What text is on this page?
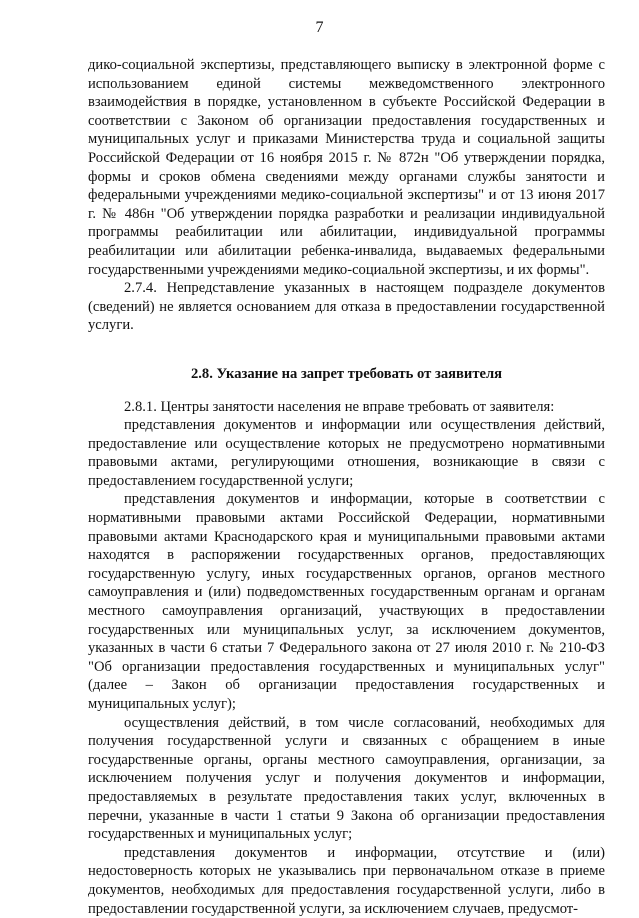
7

дико-социальной экспертизы, представляющего выписку в электронной форме с использованием единой системы межведомственного электронного взаимодействия в порядке, установленном в субъекте Российской Федерации в соответствии с Законом об организации предоставления государственных и муниципальных услуг и приказами Министерства труда и социальной защиты Российской Федерации от 16 ноября 2015 г. № 872н "Об утверждении порядка, формы и сроков обмена сведениями между органами службы занятости и федеральными учреждениями медико-социальной экспертизы" и от 13 июня 2017 г. № 486н "Об утверждении порядка разработки и реализации индивидуальной программы реабилитации или абилитации, индивидуальной программы реабилитации или абилитации ребенка-инвалида, выдаваемых федеральными государственными учреждениями медико-социальной экспертизы, и их формы".

2.7.4. Непредставление указанных в настоящем подразделе документов (сведений) не является основанием для отказа в предоставлении государственной услуги.

2.8. Указание на запрет требовать от заявителя

2.8.1. Центры занятости населения не вправе требовать от заявителя:

представления документов и информации или осуществления действий, предоставление или осуществление которых не предусмотрено нормативными правовыми актами, регулирующими отношения, возникающие в связи с предоставлением государственной услуги;

представления документов и информации, которые в соответствии с нормативными правовыми актами Российской Федерации, нормативными правовыми актами Краснодарского края и муниципальными правовыми актами находятся в распоряжении государственных органов, предоставляющих государственную услугу, иных государственных органов, органов местного самоуправления и (или) подведомственных государственным органам и органам местного самоуправления организаций, участвующих в предоставлении государственных или муниципальных услуг, за исключением документов, указанных в части 6 статьи 7 Федерального закона от 27 июля 2010 г. № 210-ФЗ "Об организации предоставления государственных и муниципальных услуг" (далее – Закон об организации предоставления государственных и муниципальных услуг);

осуществления действий, в том числе согласований, необходимых для получения государственной услуги и связанных с обращением в иные государственные органы, органы местного самоуправления, организации, за исключением получения услуг и получения документов и информации, предоставляемых в результате предоставления таких услуг, включенных в перечни, указанные в части 1 статьи 9 Закона об организации предоставления государственных и муниципальных услуг;

представления документов и информации, отсутствие и (или) недостоверность которых не указывались при первоначальном отказе в приеме документов, необходимых для предоставления государственной услуги, либо в предоставлении государственной услуги, за исключением случаев, предусмот-
